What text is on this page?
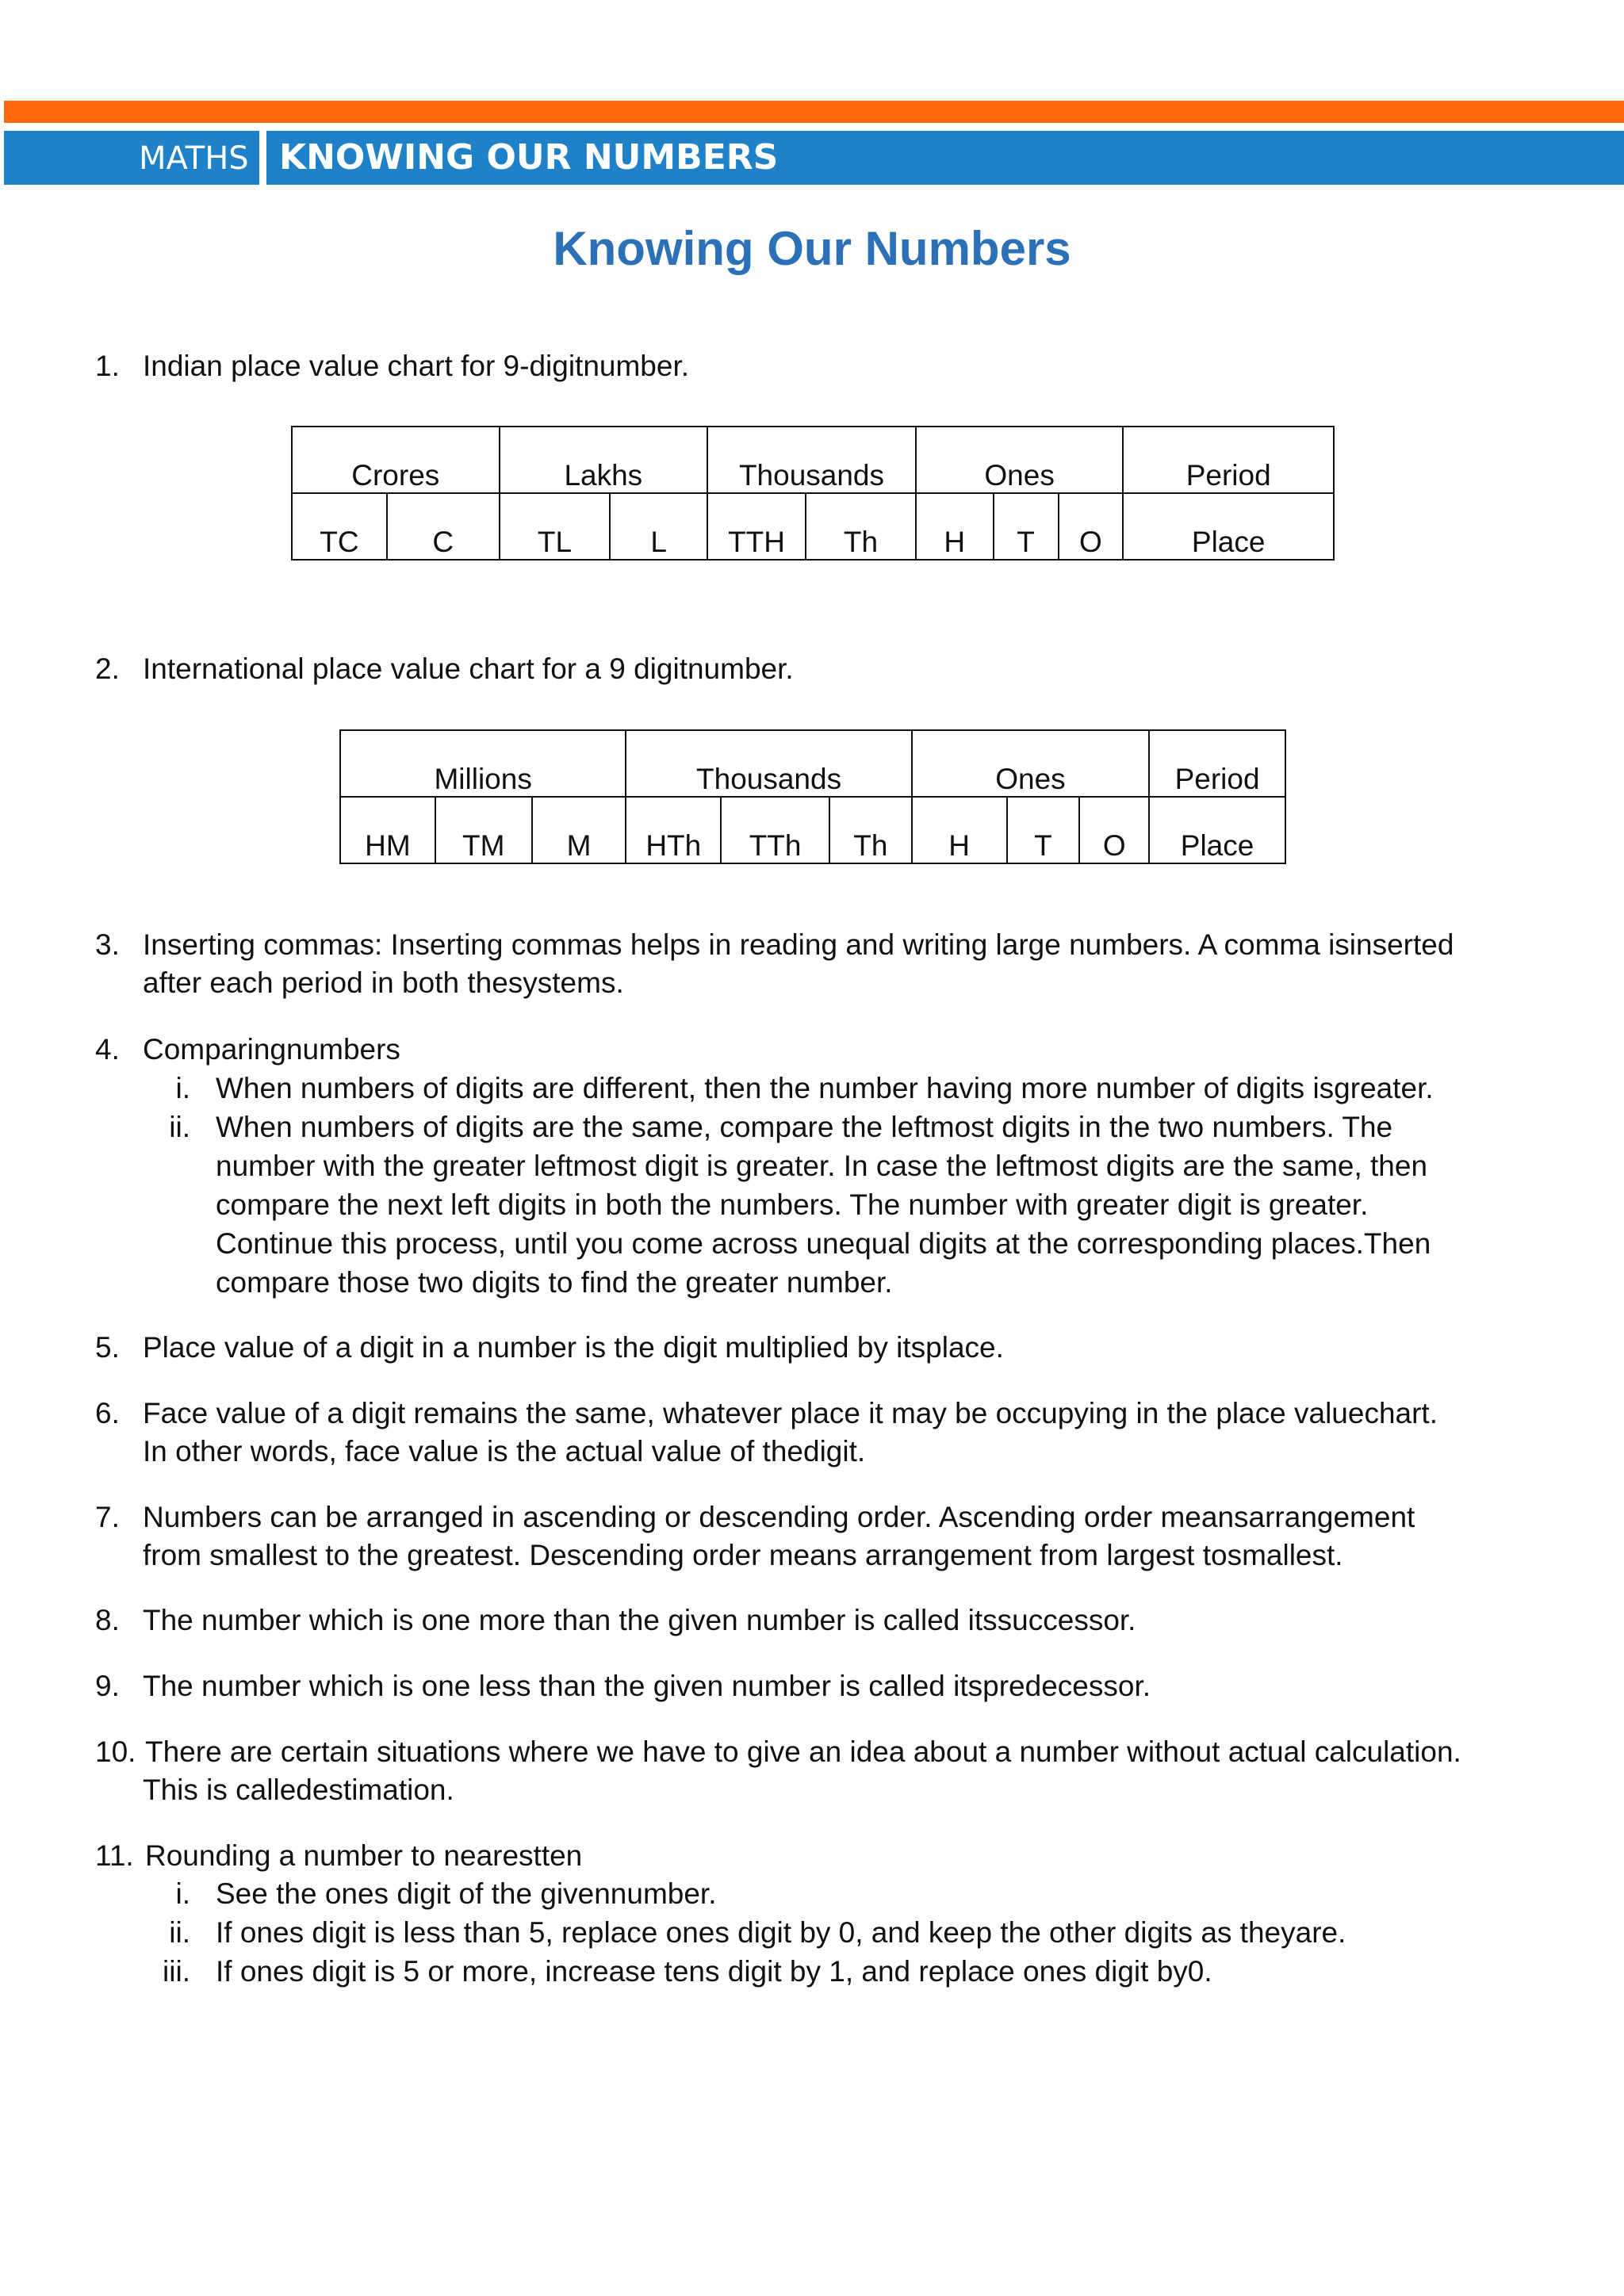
MATHS KNOWING OUR NUMBERS
Knowing Our Numbers
1. Indian place value chart for 9-digitnumber.
Crores		Lakhs		Thousands		Ones			Period
TC	C	TL	L	TTH	Th	H	T	O	Place
2. International place value chart for a 9 digitnumber.
Millions			Thousands			Ones			Period
HM	TM	M	HTh	TTh	Th	H	T	O	Place
3. Inserting commas: Inserting commas helps in reading and writing large numbers. A comma isinserted
after each period in both thesystems.
4. Comparingnumbers
i. When numbers of digits are different, then the number having more number of digits isgreater.
ii. When numbers of digits are the same, compare the leftmost digits in the two numbers. The
number with the greater leftmost digit is greater. In case the leftmost digits are the same, then
compare the next left digits in both the numbers. The number with greater digit is greater.
Continue this process, until you come across unequal digits at the corresponding places.Then
compare those two digits to find the greater number.
5. Place value of a digit in a number is the digit multiplied by itsplace.
6. Face value of a digit remains the same, whatever place it may be occupying in the place valuechart.
In other words, face value is the actual value of thedigit.
7. Numbers can be arranged in ascending or descending order. Ascending order meansarrangement
from smallest to the greatest. Descending order means arrangement from largest tosmallest.
8. The number which is one more than the given number is called itssuccessor.
9. The number which is one less than the given number is called itspredecessor.
10. There are certain situations where we have to give an idea about a number without actual calculation.
This is calledestimation.
11. Rounding a number to nearestten
i. See the ones digit of the givennumber.
ii. If ones digit is less than 5, replace ones digit by 0, and keep the other digits as theyare.
iii. If ones digit is 5 or more, increase tens digit by 1, and replace ones digit by0.
